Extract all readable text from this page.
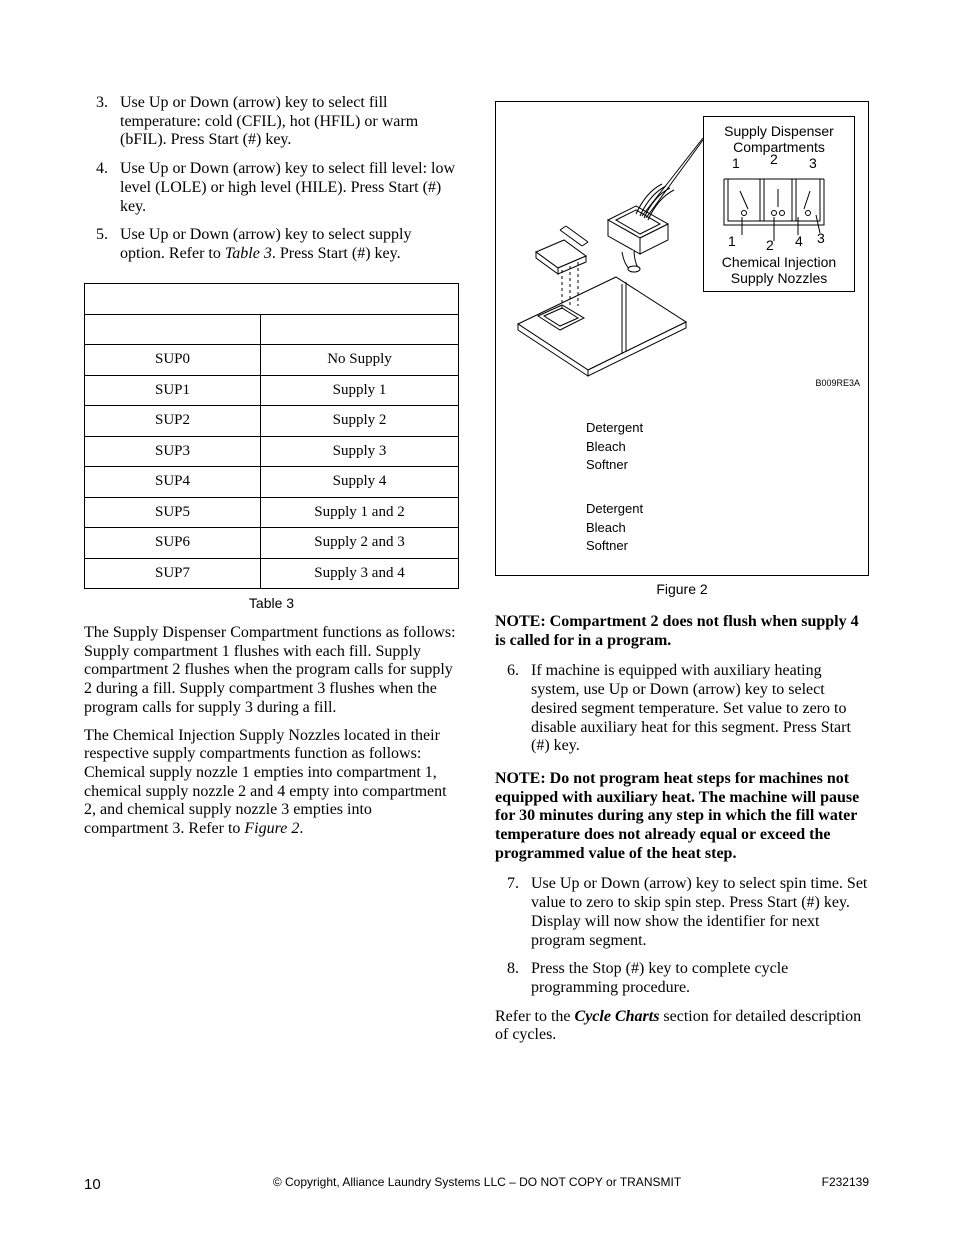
3. Use Up or Down (arrow) key to select fill temperature: cold (CFIL), hot (HFIL) or warm (bFIL). Press Start (#) key.
4. Use Up or Down (arrow) key to select fill level: low level (LOLE) or high level (HILE). Press Start (#) key.
5. Use Up or Down (arrow) key to select supply option. Refer to Table 3. Press Start (#) key.

SUP0	No Supply
SUP1	Supply 1
SUP2	Supply 2
SUP3	Supply 3
SUP4	Supply 4
SUP5	Supply 1 and 2
SUP6	Supply 2 and 3
SUP7	Supply 3 and 4
Table 3

The Supply Dispenser Compartment functions as follows: Supply compartment 1 flushes with each fill. Supply compartment 2 flushes when the program calls for supply 2 during a fill. Supply compartment 3 flushes when the program calls for supply 3 during a fill.

The Chemical Injection Supply Nozzles located in their respective supply compartments function as follows: Chemical supply nozzle 1 empties into compartment 1, chemical supply nozzle 2 and 4 empty into compartment 2, and chemical supply nozzle 3 empties into compartment 3. Refer to Figure 2.

Supply Dispenser
Compartments
1 2 3
1 2 4 3
Chemical Injection
Supply Nozzles
B009RE3A
Detergent
Bleach
Softner
Detergent
Bleach
Softner
Figure 2

NOTE: Compartment 2 does not flush when supply 4 is called for in a program.

6. If machine is equipped with auxiliary heating system, use Up or Down (arrow) key to select desired segment temperature. Set value to zero to disable auxiliary heat for this segment. Press Start (#) key.

NOTE: Do not program heat steps for machines not equipped with auxiliary heat. The machine will pause for 30 minutes during any step in which the fill water temperature does not already equal or exceed the programmed value of the heat step.

7. Use Up or Down (arrow) key to select spin time. Set value to zero to skip spin step. Press Start (#) key. Display will now show the identifier for next program segment.
8. Press the Stop (#) key to complete cycle programming procedure.

Refer to the Cycle Charts section for detailed description of cycles.

10	© Copyright, Alliance Laundry Systems LLC – DO NOT COPY or TRANSMIT	F232139
